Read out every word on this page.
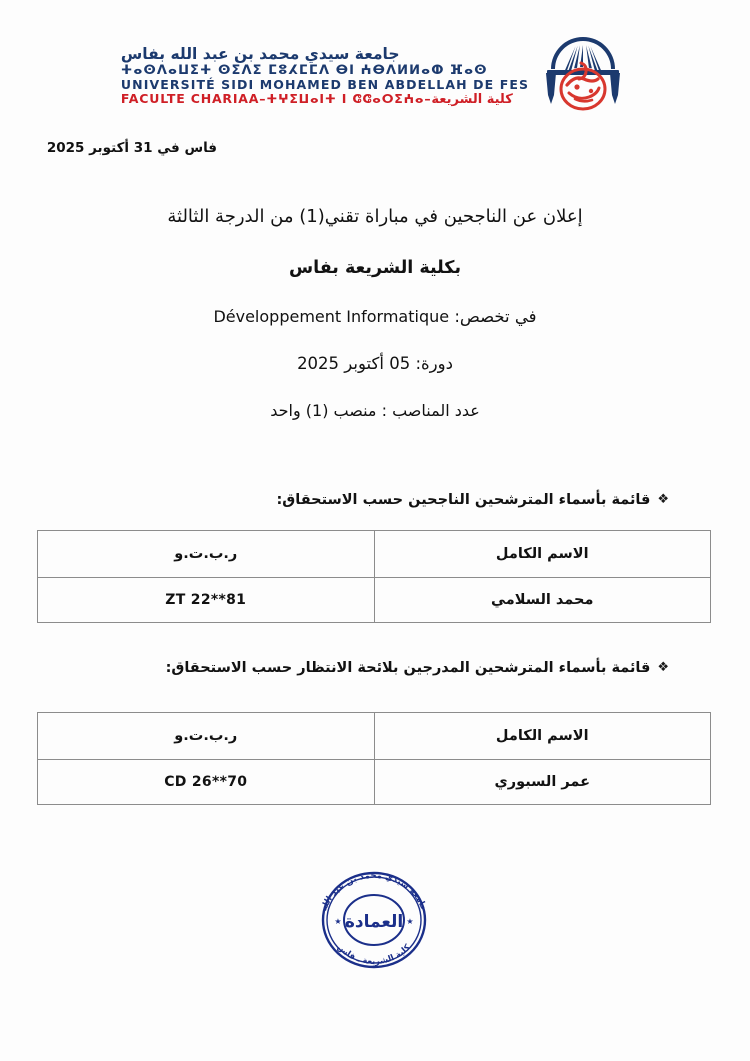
جامعة سيدي محمد بن عبد الله بفاس
ⵜⴰⵙⴷⴰⵡⵉⵜ ⵙⵉⴷⵉ ⵎⵓⵃⵎⵎⴷ ⴱⵏ ⵄⴱⴷⵍⵍⴰⵀ ⴼⴰⵙ
UNIVERSITÉ SIDI MOHAMED BEN ABDELLAH DE FES
FACULTE CHARIAA–ⵜⵖⵉⵡⴰⵏⵜ ⵏ ⵛⵛⴰⵔⵉⵄⴰ–كلية الشريعة
فاس في 31 أكتوبر 2025
إعلان عن الناجحين في مباراة تقني(1) من الدرجة الثالثة
بكلية الشريعة بفاس
في تخصص: Développement Informatique
دورة: 05 أكتوبر 2025
عدد المناصب : منصب (1) واحد
❖قائمة بأسماء المترشحين الناجحين حسب الاستحقاق:
الاسم الكامل	ر.ب.ت.و
محمد السلامي	ZT 22**81
❖قائمة بأسماء المترشحين المدرجين بلائحة الانتظار حسب الاستحقاق:
الاسم الكامل	ر.ب.ت.و
عمر السبوري	CD 26**70
العمادة
جامعة سيدي محمد بن عبد الله
كلية الشريعة ـ فاس
★	★
